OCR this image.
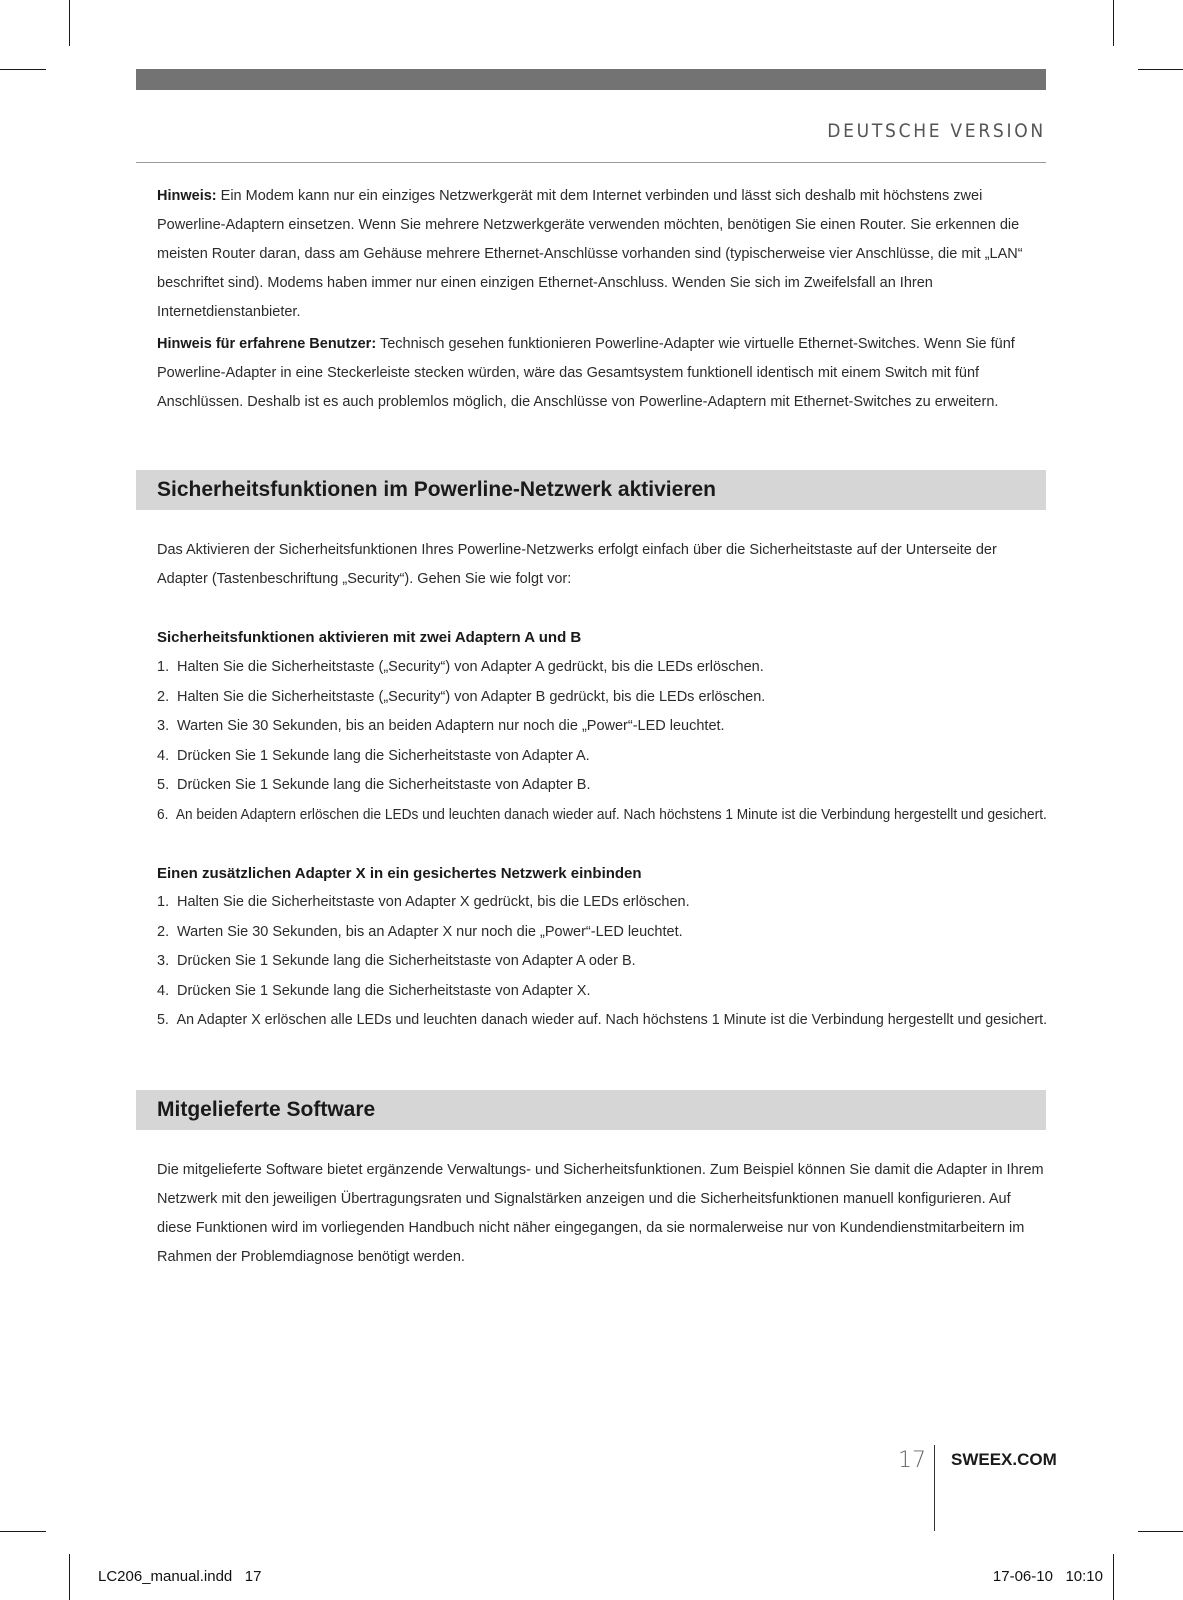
DEUTSCHE VERSION

Hinweis: Ein Modem kann nur ein einziges Netzwerkgerät mit dem Internet verbinden und lässt sich deshalb mit höchstens zwei Powerline-Adaptern einsetzen. Wenn Sie mehrere Netzwerkgeräte verwenden möchten, benötigen Sie einen Router. Sie erkennen die meisten Router daran, dass am Gehäuse mehrere Ethernet-Anschlüsse vorhanden sind (typischerweise vier Anschlüsse, die mit „LAN“ beschriftet sind). Modems haben immer nur einen einzigen Ethernet-Anschluss. Wenden Sie sich im Zweifelsfall an Ihren Internetdienstanbieter.

Hinweis für erfahrene Benutzer: Technisch gesehen funktionieren Powerline-Adapter wie virtuelle Ethernet-Switches. Wenn Sie fünf Powerline-Adapter in eine Steckerleiste stecken würden, wäre das Gesamtsystem funktionell identisch mit einem Switch mit fünf Anschlüssen. Deshalb ist es auch problemlos möglich, die Anschlüsse von Powerline-Adaptern mit Ethernet-Switches zu erweitern.

Sicherheitsfunktionen im Powerline-Netzwerk aktivieren

Das Aktivieren der Sicherheitsfunktionen Ihres Powerline-Netzwerks erfolgt einfach über die Sicherheitstaste auf der Unterseite der Adapter (Tastenbeschriftung „Security“). Gehen Sie wie folgt vor:

Sicherheitsfunktionen aktivieren mit zwei Adaptern A und B
1. Halten Sie die Sicherheitstaste („Security“) von Adapter A gedrückt, bis die LEDs erlöschen.
2. Halten Sie die Sicherheitstaste („Security“) von Adapter B gedrückt, bis die LEDs erlöschen.
3. Warten Sie 30 Sekunden, bis an beiden Adaptern nur noch die „Power“-LED leuchtet.
4. Drücken Sie 1 Sekunde lang die Sicherheitstaste von Adapter A.
5. Drücken Sie 1 Sekunde lang die Sicherheitstaste von Adapter B.
6. An beiden Adaptern erlöschen die LEDs und leuchten danach wieder auf. Nach höchstens 1 Minute ist die Verbindung hergestellt und gesichert.
Einen zusätzlichen Adapter X in ein gesichertes Netzwerk einbinden
1. Halten Sie die Sicherheitstaste von Adapter X gedrückt, bis die LEDs erlöschen.
2. Warten Sie 30 Sekunden, bis an Adapter X nur noch die „Power“-LED leuchtet.
3. Drücken Sie 1 Sekunde lang die Sicherheitstaste von Adapter A oder B.
4. Drücken Sie 1 Sekunde lang die Sicherheitstaste von Adapter X.
5. An Adapter X erlöschen alle LEDs und leuchten danach wieder auf. Nach höchstens 1 Minute ist die Verbindung hergestellt und gesichert.
Mitgelieferte Software

Die mitgelieferte Software bietet ergänzende Verwaltungs- und Sicherheitsfunktionen. Zum Beispiel können Sie damit die Adapter in Ihrem Netzwerk mit den jeweiligen Übertragungsraten und Signalstärken anzeigen und die Sicherheitsfunktionen manuell konfigurieren. Auf diese Funktionen wird im vorliegenden Handbuch nicht näher eingegangen, da sie normalerweise nur von Kundendienstmitarbeitern im Rahmen der Problemdiagnose benötigt werden.

17 SWEEX.COM
LC206_manual.indd   17	17-06-10   10:10
